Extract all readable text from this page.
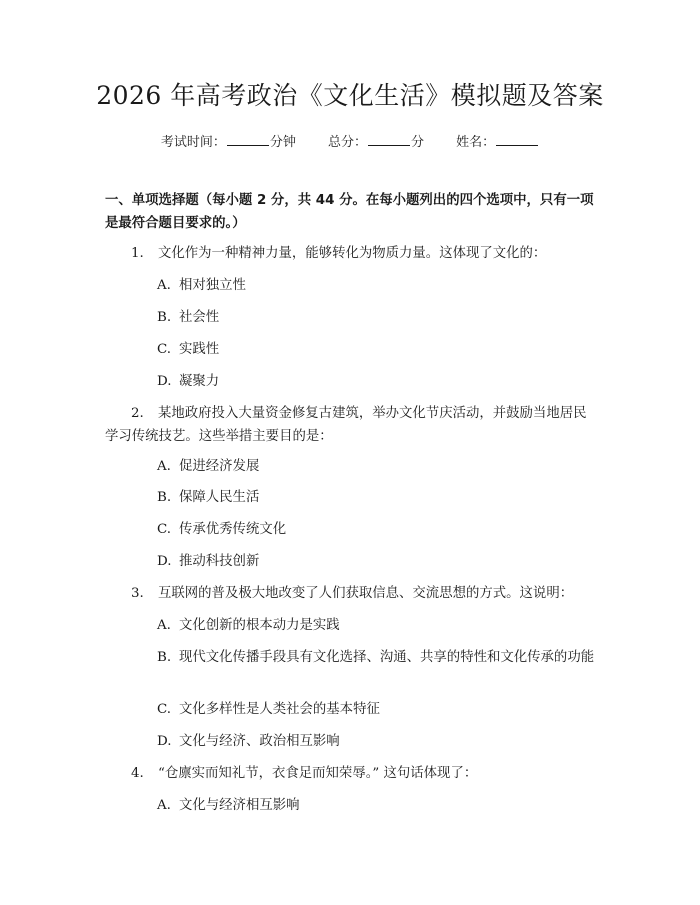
2026 年高考政治《文化生活》模拟题及答案
考试时间：	分钟 总分：	分 姓名：
一、单项选择题（每小题 2 分，共 44 分。在每小题列出的四个选项中，只有一项是最符合题目要求的。）
1. 文化作为一种精神力量，能够转化为物质力量。这体现了文化的：
A. 相对独立性
B. 社会性
C. 实践性
D. 凝聚力
2. 某地政府投入大量资金修复古建筑，举办文化节庆活动，并鼓励当地居民学习传统技艺。这些举措主要目的是：
A. 促进经济发展
B. 保障人民生活
C. 传承优秀传统文化
D. 推动科技创新
3. 互联网的普及极大地改变了人们获取信息、交流思想的方式。这说明：
A. 文化创新的根本动力是实践
B. 现代文化传播手段具有文化选择、沟通、共享的特性和文化传承的功能
C. 文化多样性是人类社会的基本特征
D. 文化与经济、政治相互影响
4. “仓廪实而知礼节，衣食足而知荣辱。” 这句话体现了：
A. 文化与经济相互影响
